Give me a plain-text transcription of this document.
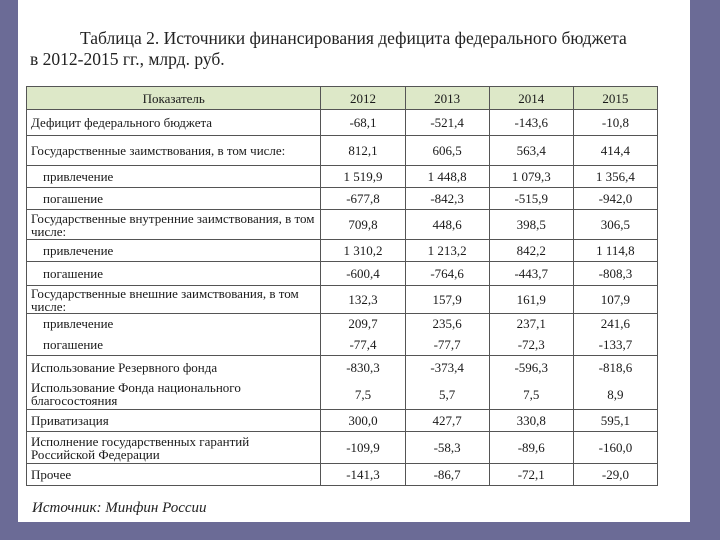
Таблица 2. Источники финансирования дефицита федерального бюджета
в 2012-2015 гг., млрд. руб.
Показатель	2012	2013	2014	2015
Дефицит федерального бюджета	-68,1	-521,4	-143,6	-10,8
Государственные заимствования, в том числе:	812,1	606,5	563,4	414,4
привлечение	1 519,9	1 448,8	1 079,3	1 356,4
погашение	-677,8	-842,3	-515,9	-942,0
Государственные внутренние заимствования, в том числе:	709,8	448,6	398,5	306,5
привлечение	1 310,2	1 213,2	842,2	1 114,8
погашение	-600,4	-764,6	-443,7	-808,3
Государственные внешние заимствования, в том числе:	132,3	157,9	161,9	107,9
привлечение	209,7	235,6	237,1	241,6
погашение	-77,4	-77,7	-72,3	-133,7
Использование Резервного фонда	-830,3	-373,4	-596,3	-818,6
Использование Фонда национального благосостояния	7,5	5,7	7,5	8,9
Приватизация	300,0	427,7	330,8	595,1
Исполнение государственных гарантий Российской Федерации	-109,9	-58,3	-89,6	-160,0
Прочее	-141,3	-86,7	-72,1	-29,0
Источник: Минфин России
